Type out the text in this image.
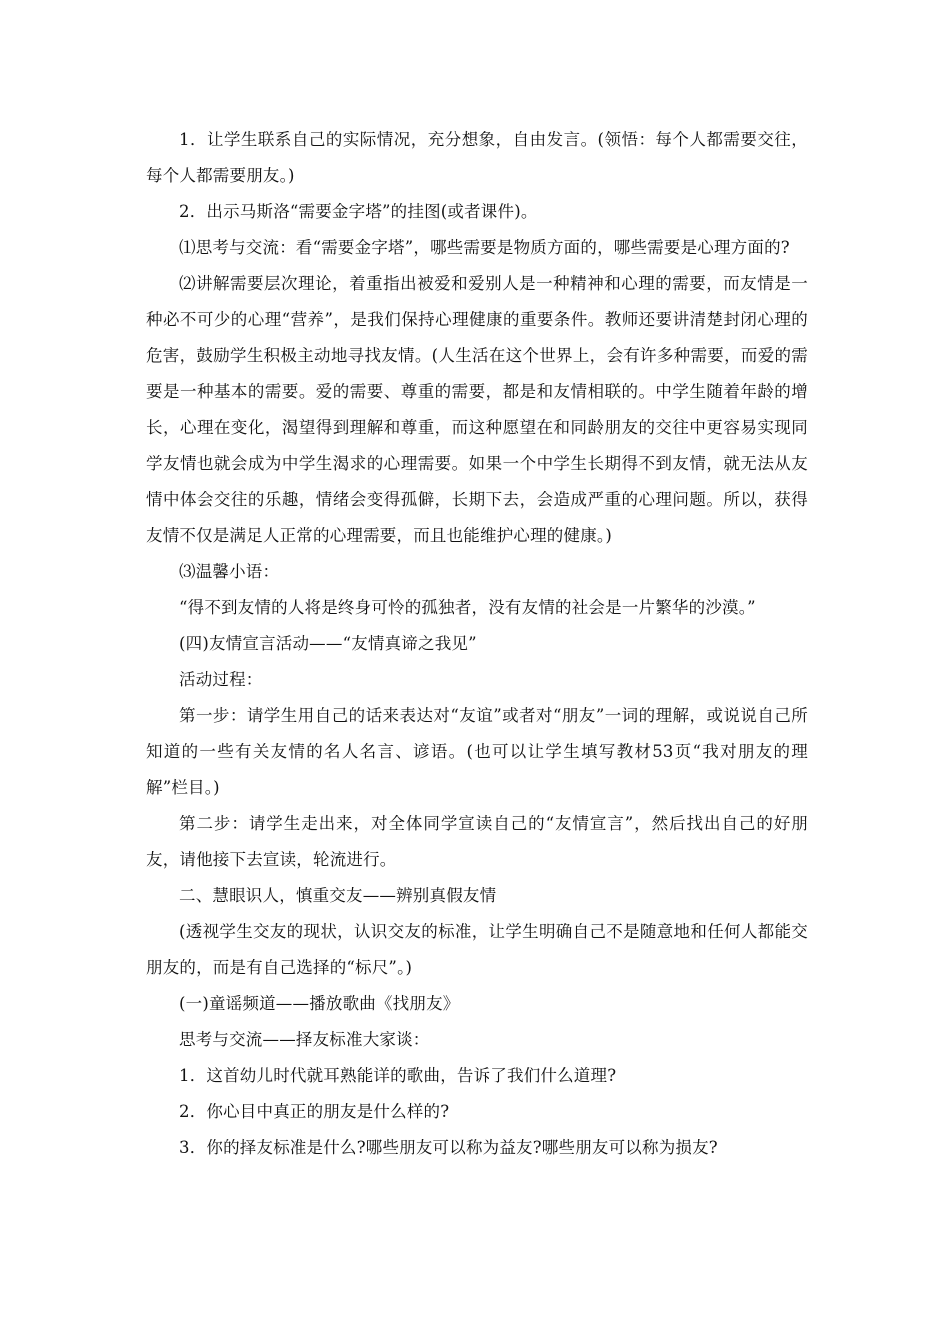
1．让学生联系自己的实际情况，充分想象，自由发言。(领悟：每个人都需要交往，每个人都需要朋友。)

2．出示马斯洛“需要金字塔”的挂图(或者课件)。

⑴思考与交流：看“需要金字塔”，哪些需要是物质方面的，哪些需要是心理方面的?

⑵讲解需要层次理论，着重指出被爱和爱别人是一种精神和心理的需要，而友情是一种必不可少的心理“营养”，是我们保持心理健康的重要条件。教师还要讲清楚封闭心理的危害，鼓励学生积极主动地寻找友情。(人生活在这个世界上，会有许多种需要，而爱的需要是一种基本的需要。爱的需要、尊重的需要，都是和友情相联的。中学生随着年龄的增长，心理在变化，渴望得到理解和尊重，而这种愿望在和同龄朋友的交往中更容易实现同学友情也就会成为中学生渴求的心理需要。如果一个中学生长期得不到友情，就无法从友情中体会交往的乐趣，情绪会变得孤僻，长期下去，会造成严重的心理问题。所以，获得友情不仅是满足人正常的心理需要，而且也能维护心理的健康。)

⑶温馨小语：

“得不到友情的人将是终身可怜的孤独者，没有友情的社会是一片繁华的沙漠。”

(四)友情宣言活动——“友情真谛之我见”

活动过程：

第一步：请学生用自己的话来表达对“友谊”或者对“朋友”一词的理解，或说说自己所知道的一些有关友情的名人名言、谚语。(也可以让学生填写教材53页“我对朋友的理解”栏目。)

第二步：请学生走出来，对全体同学宣读自己的“友情宣言”，然后找出自己的好朋友，请他接下去宣读，轮流进行。

二、慧眼识人，慎重交友——辨别真假友情

(透视学生交友的现状，认识交友的标准，让学生明确自己不是随意地和任何人都能交朋友的，而是有自己选择的“标尺”。)

(一)童谣频道——播放歌曲《找朋友》

思考与交流——择友标准大家谈：

1．这首幼儿时代就耳熟能详的歌曲，告诉了我们什么道理?

2．你心目中真正的朋友是什么样的?

3．你的择友标准是什么?哪些朋友可以称为益友?哪些朋友可以称为损友?
